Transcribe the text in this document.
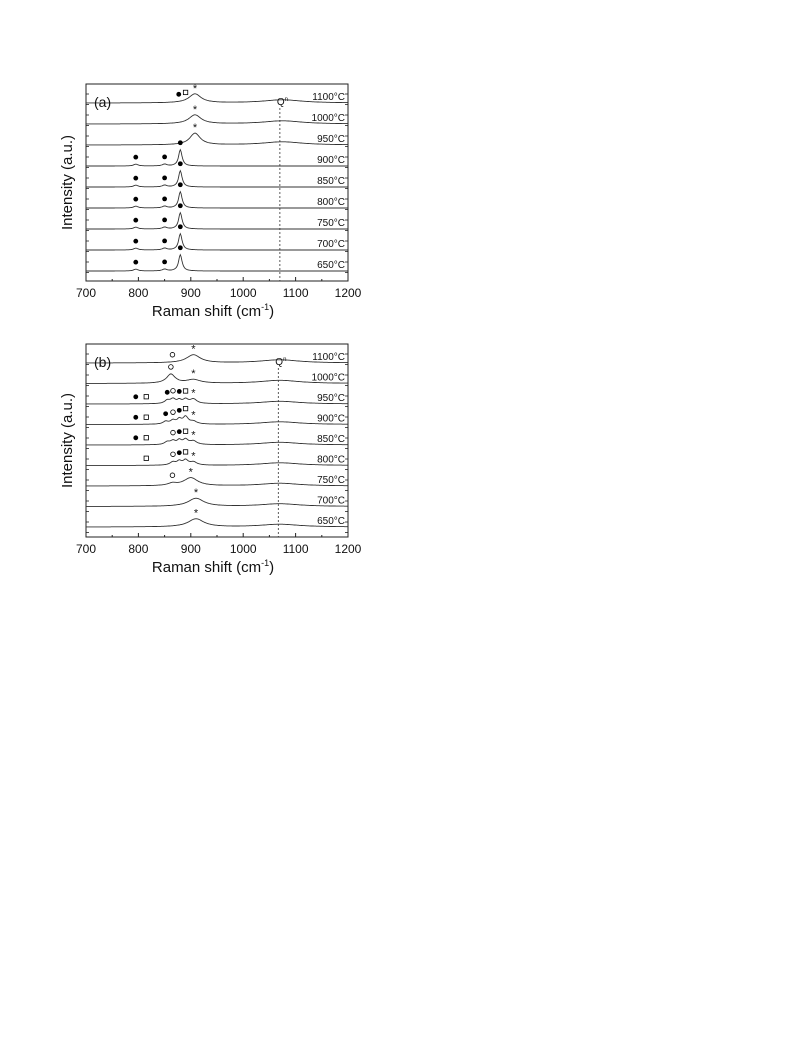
*
*
*
700	800	900 1000 1100 1200
$Q^n$
(a)
Intensity (a.u.)
Raman shift $(cm^{-1})$
1100°C
1000°C
950°C
900°C
850°C
800°C
750°C
700°C
650°C
*
*
*
*
*
*
*
*
*
700	800	900 1000 1100 1200
$Q^n$
(b)
Intensity (a.u.)
Raman shift $(cm^{-1})$
1100°C
1000°C
950°C
900°C
850°C
800°C
750°C
700°C
650°C
